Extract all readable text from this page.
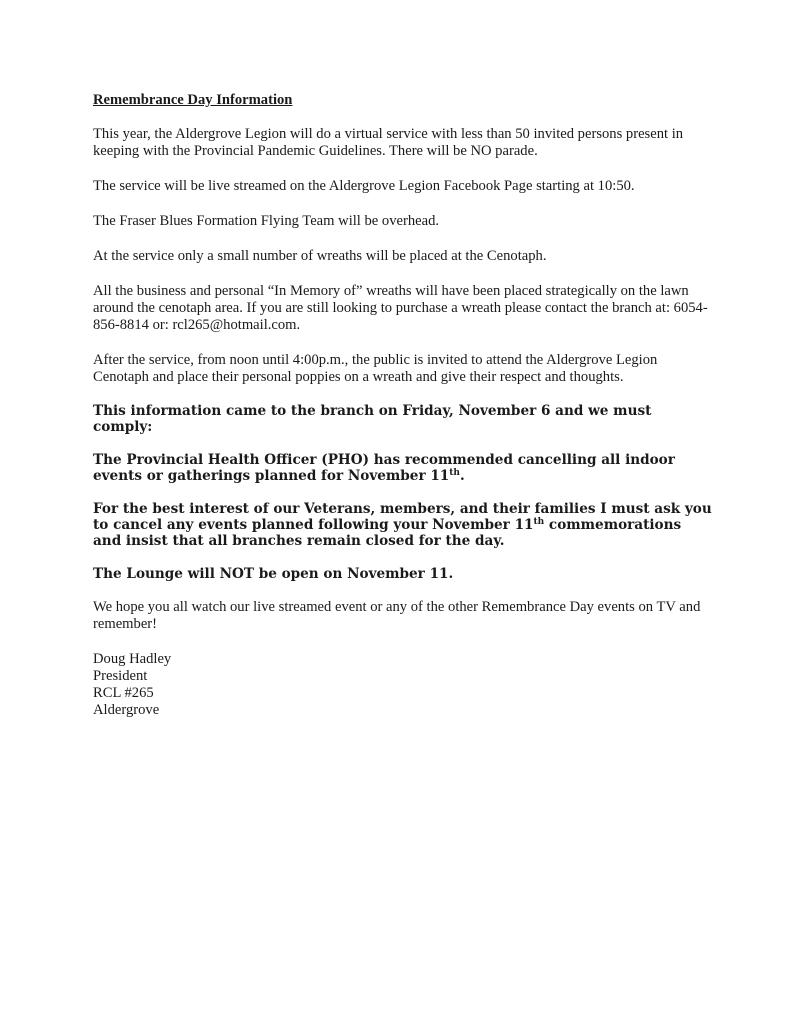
Remembrance Day Information

This year, the Aldergrove Legion will do a virtual service with less than 50 invited persons present in keeping with the Provincial Pandemic Guidelines. There will be NO parade.

The service will be live streamed on the Aldergrove Legion Facebook Page starting at 10:50.

The Fraser Blues Formation Flying Team will be overhead.

At the service only a small number of wreaths will be placed at the Cenotaph.

All the business and personal “In Memory of” wreaths will have been placed strategically on the lawn around the cenotaph area. If you are still looking to purchase a wreath please contact the branch at: 6054-856-8814 or: rcl265@hotmail.com.

After the service, from noon until 4:00p.m., the public is invited to attend the Aldergrove Legion Cenotaph and place their personal poppies on a wreath and give their respect and thoughts.

This information came to the branch on Friday, November 6 and we must comply:

The Provincial Health Officer (PHO) has recommended cancelling all indoor events or gatherings planned for November 11th.

For the best interest of our Veterans, members, and their families I must ask you to cancel any events planned following your November 11th commemorations and insist that all branches remain closed for the day.

The Lounge will NOT be open on November 11.

We hope you all watch our live streamed event or any of the other Remembrance Day events on TV and remember!

Doug Hadley

President

RCL #265

Aldergrove
